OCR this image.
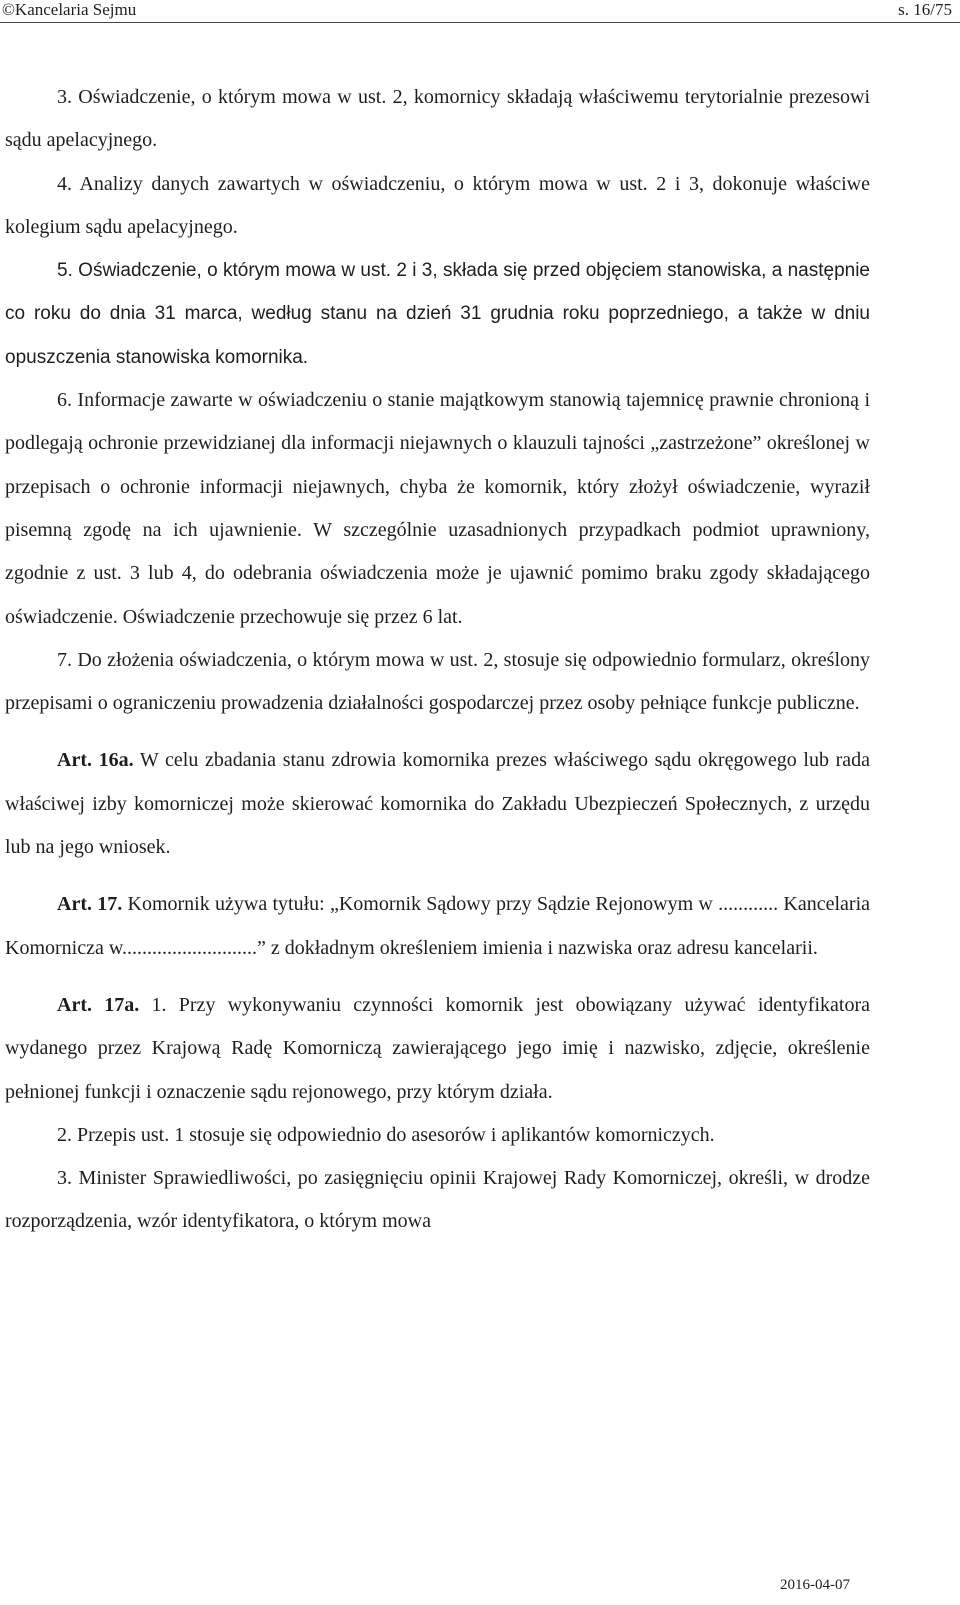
©Kancelaria Sejmu	s. 16/75

3. Oświadczenie, o którym mowa w ust. 2, komornicy składają właściwemu terytorialnie prezesowi sądu apelacyjnego.

4. Analizy danych zawartych w oświadczeniu, o którym mowa w ust. 2 i 3, dokonuje właściwe kolegium sądu apelacyjnego.

5. Oświadczenie, o którym mowa w ust. 2 i 3, składa się przed objęciem stanowiska, a następnie co roku do dnia 31 marca, według stanu na dzień 31 grudnia roku poprzedniego, a także w dniu opuszczenia stanowiska komornika.

6. Informacje zawarte w oświadczeniu o stanie majątkowym stanowią tajemnicę prawnie chronioną i podlegają ochronie przewidzianej dla informacji niejawnych o klauzuli tajności „zastrzeżone” określonej w przepisach o ochronie informacji niejawnych, chyba że komornik, który złożył oświadczenie, wyraził pisemną zgodę na ich ujawnienie. W szczególnie uzasadnionych przypadkach podmiot uprawniony, zgodnie z ust. 3 lub 4, do odebrania oświadczenia może je ujawnić pomimo braku zgody składającego oświadczenie. Oświadczenie przechowuje się przez 6 lat.

7. Do złożenia oświadczenia, o którym mowa w ust. 2, stosuje się odpowiednio formularz, określony przepisami o ograniczeniu prowadzenia działalności gospodarczej przez osoby pełniące funkcje publiczne.

Art. 16a. W celu zbadania stanu zdrowia komornika prezes właściwego sądu okręgowego lub rada właściwej izby komorniczej może skierować komornika do Zakładu Ubezpieczeń Społecznych, z urzędu lub na jego wniosek.

Art. 17. Komornik używa tytułu: „Komornik Sądowy przy Sądzie Rejonowym w ............ Kancelaria Komornicza w...........................” z dokładnym określeniem imienia i nazwiska oraz adresu kancelarii.

Art. 17a. 1. Przy wykonywaniu czynności komornik jest obowiązany używać identyfikatora wydanego przez Krajową Radę Komorniczą zawierającego jego imię i nazwisko, zdjęcie, określenie pełnionej funkcji i oznaczenie sądu rejonowego, przy którym działa.

2. Przepis ust. 1 stosuje się odpowiednio do asesorów i aplikantów komorniczych.

3. Minister Sprawiedliwości, po zasięgnięciu opinii Krajowej Rady Komorniczej, określi, w drodze rozporządzenia, wzór identyfikatora, o którym mowa

2016-04-07
